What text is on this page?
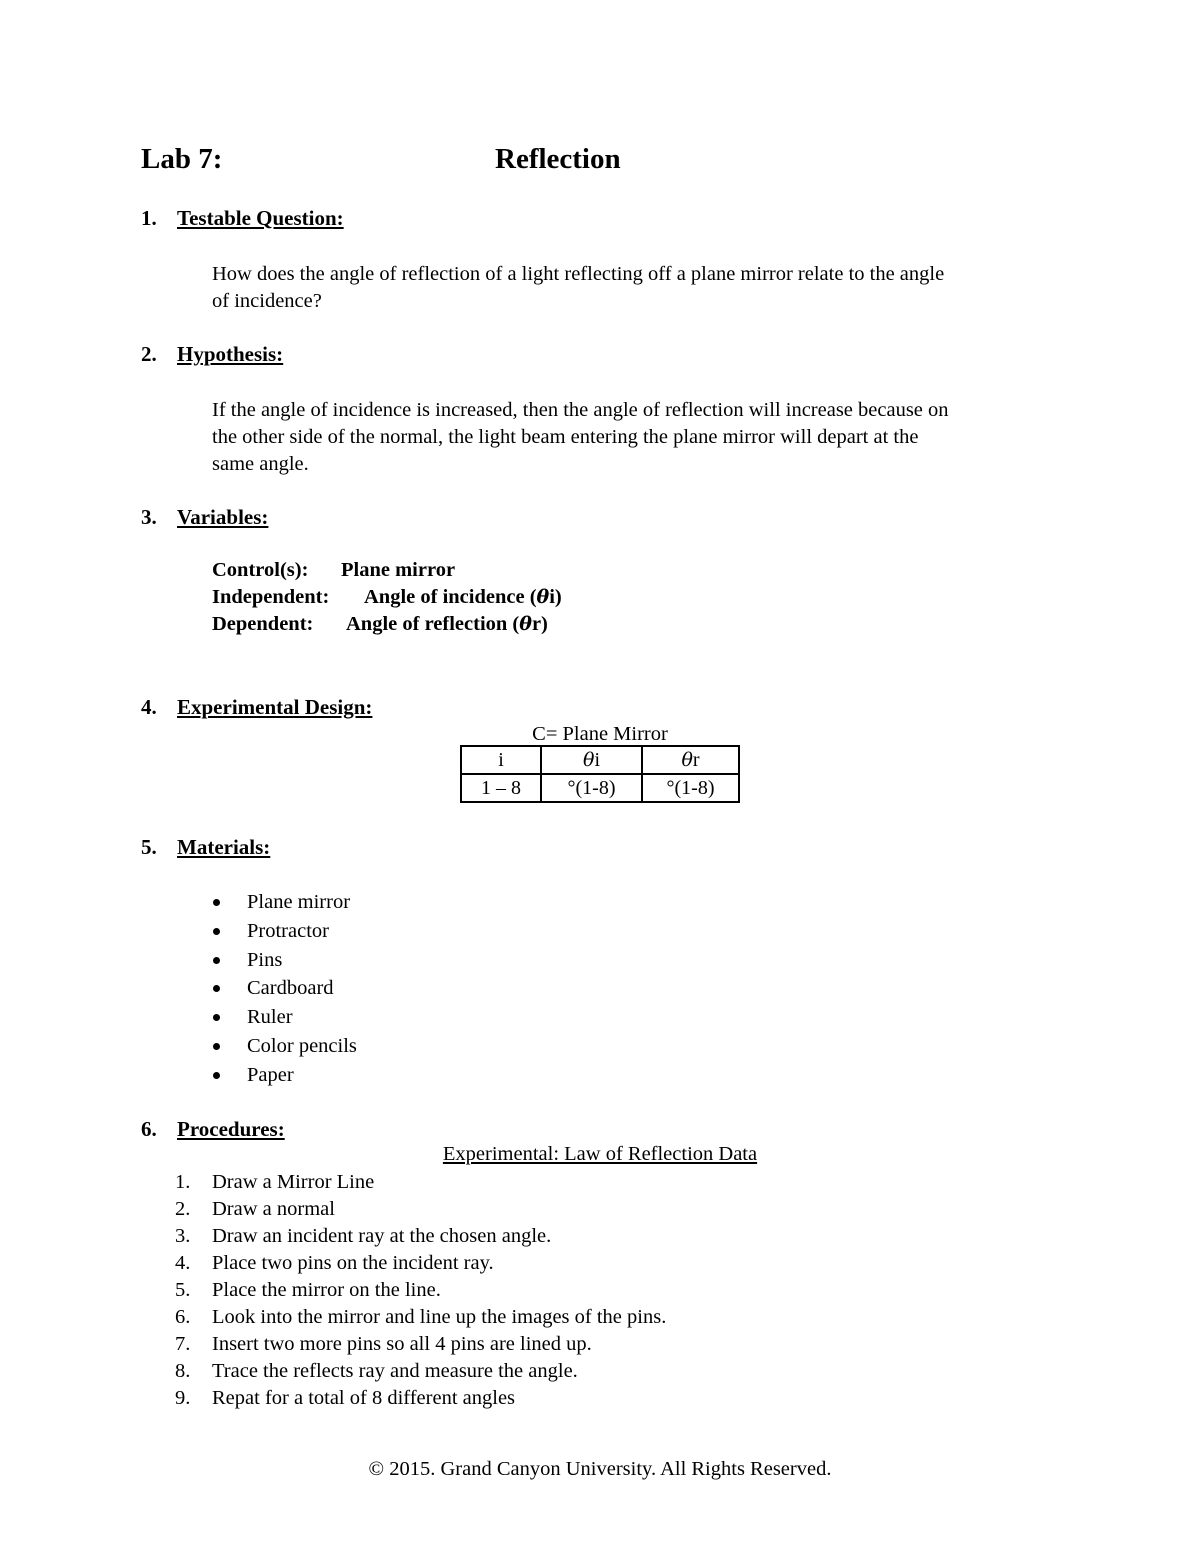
Lab 7:	Reflection
1. Testable Question:
How does the angle of reflection of a light reflecting off a plane mirror relate to the angle
of incidence?
2. Hypothesis:
If the angle of incidence is increased, then the angle of reflection will increase because on
the other side of the normal, the light beam entering the plane mirror will depart at the
same angle.
3. Variables:
Control(s): Plane mirror
Independent: Angle of incidence (θi)
Dependent: Angle of reflection (θr)
4. Experimental Design:
C= Plane Mirror
i	θi	θr
1 – 8	°(1-8)	°(1-8)
5. Materials:
Plane mirror
Protractor
Pins
Cardboard
Ruler
Color pencils
Paper
6. Procedures:
Experimental: Law of Reflection Data
1. Draw a Mirror Line
2. Draw a normal
3. Draw an incident ray at the chosen angle.
4. Place two pins on the incident ray.
5. Place the mirror on the line.
6. Look into the mirror and line up the images of the pins.
7. Insert two more pins so all 4 pins are lined up.
8. Trace the reflects ray and measure the angle.
9. Repat for a total of 8 different angles
© 2015. Grand Canyon University. All Rights Reserved.
